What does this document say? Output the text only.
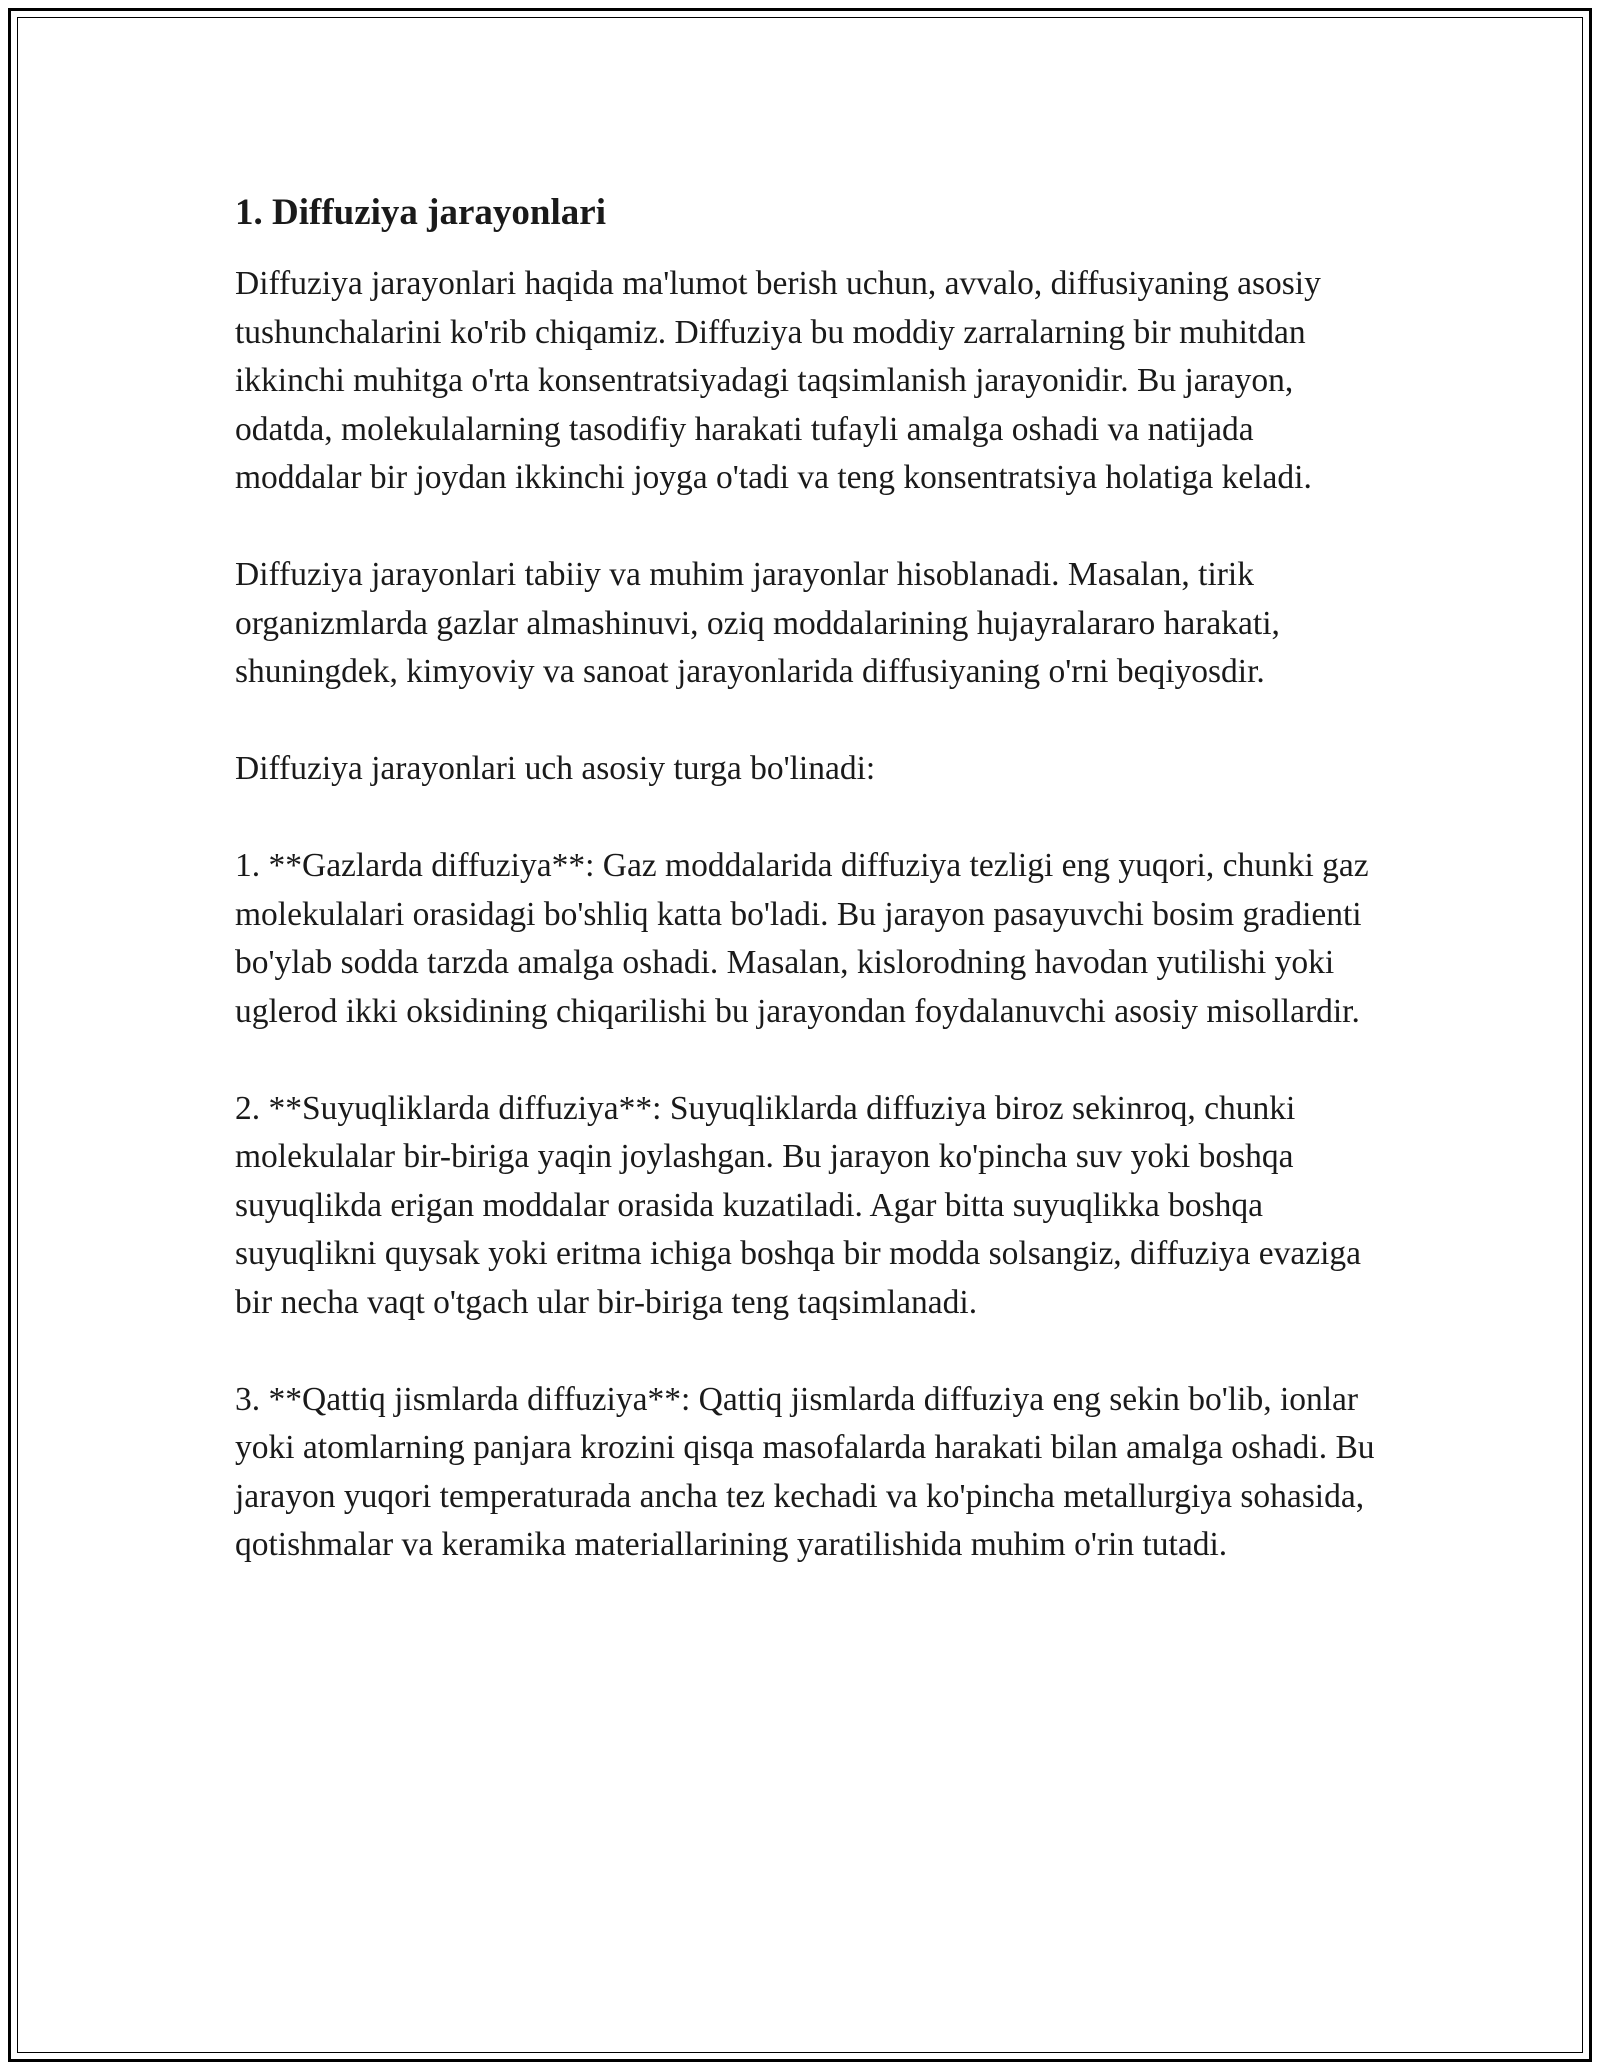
1. Diffuziya jarayonlari

Diffuziya jarayonlari haqida ma'lumot berish uchun, avvalo, diffusiyaning asosiy tushunchalarini ko'rib chiqamiz. Diffuziya bu moddiy zarralarning bir muhitdan ikkinchi muhitga o'rta konsentratsiyadagi taqsimlanish jarayonidir. Bu jarayon, odatda, molekulalarning tasodifiy harakati tufayli amalga oshadi va natijada moddalar bir joydan ikkinchi joyga o'tadi va teng konsentratsiya holatiga keladi.

Diffuziya jarayonlari tabiiy va muhim jarayonlar hisoblanadi. Masalan, tirik organizmlarda gazlar almashinuvi, oziq moddalarining hujayralararo harakati, shuningdek, kimyoviy va sanoat jarayonlarida diffusiyaning o'rni beqiyosdir.

Diffuziya jarayonlari uch asosiy turga bo'linadi:

1. **Gazlarda diffuziya**: Gaz moddalarida diffuziya tezligi eng yuqori, chunki gaz molekulalari orasidagi bo'shliq katta bo'ladi. Bu jarayon pasayuvchi bosim gradienti bo'ylab sodda tarzda amalga oshadi. Masalan, kislorodning havodan yutilishi yoki uglerod ikki oksidining chiqarilishi bu jarayondan foydalanuvchi asosiy misollardir.

2. **Suyuqliklarda diffuziya**: Suyuqliklarda diffuziya biroz sekinroq, chunki molekulalar bir-biriga yaqin joylashgan. Bu jarayon ko'pincha suv yoki boshqa suyuqlikda erigan moddalar orasida kuzatiladi. Agar bitta suyuqlikka boshqa suyuqlikni quysak yoki eritma ichiga boshqa bir modda solsangiz, diffuziya evaziga bir necha vaqt o'tgach ular bir-biriga teng taqsimlanadi.

3. **Qattiq jismlarda diffuziya**: Qattiq jismlarda diffuziya eng sekin bo'lib, ionlar yoki atomlarning panjara krozini qisqa masofalarda harakati bilan amalga oshadi. Bu jarayon yuqori temperaturada ancha tez kechadi va ko'pincha metallurgiya sohasida, qotishmalar va keramika materiallarining yaratilishida muhim o'rin tutadi.
